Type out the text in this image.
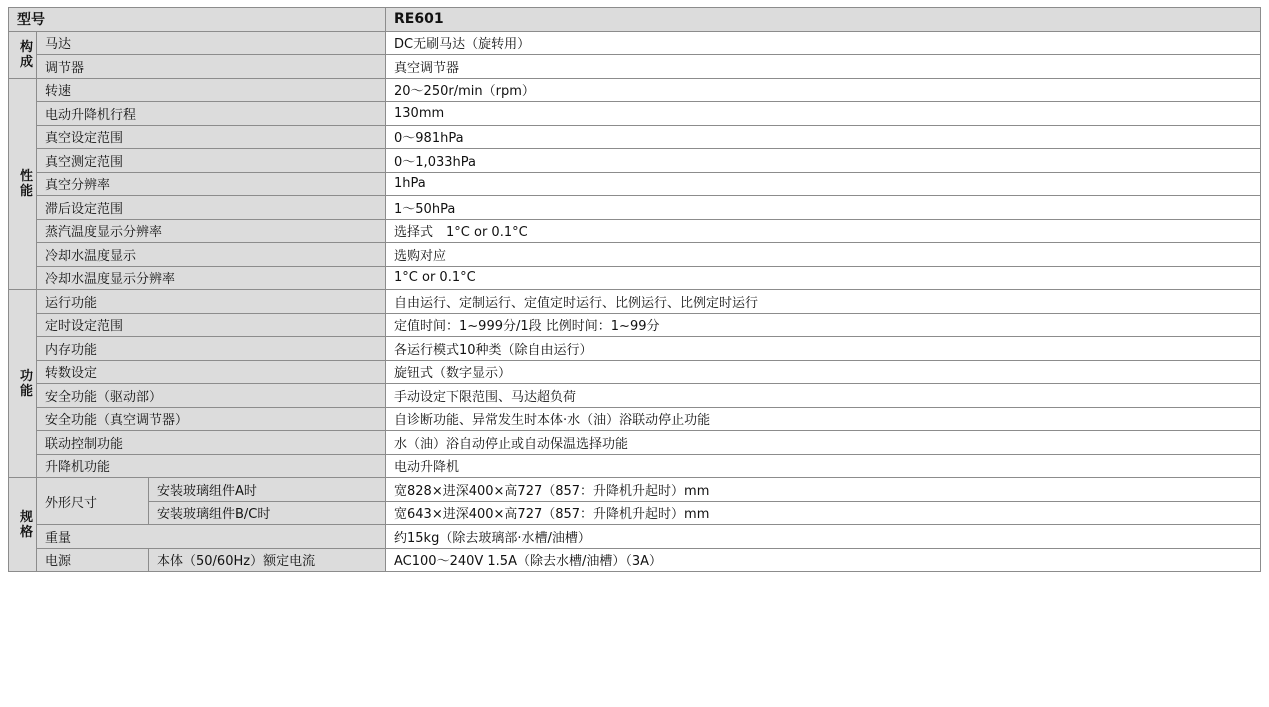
型号			RE601
构成	马达		DC无刷马达（旋转用）
	调节器		真空调节器
性能	转速		20～250r/min（rpm）
	电动升降机行程		130mm
	真空设定范围		0～981hPa
	真空测定范围		0～1,033hPa
	真空分辨率		1hPa
	滞后设定范围		1～50hPa
	蒸汽温度显示分辨率		选择式　1°C or 0.1°C
	冷却水温度显示		选购对应
	冷却水温度显示分辨率		1°C or 0.1°C
功能	运行功能		自由运行、定制运行、定值定时运行、比例运行、比例定时运行
	定时设定范围		定值时间：1~999分/1段 比例时间：1~99分
	内存功能		各运行模式10种类（除自由运行）
	转数设定		旋钮式（数字显示）
	安全功能（驱动部）		手动设定下限范围、马达超负荷
	安全功能（真空调节器）		自诊断功能、异常发生时本体·水（油）浴联动停止功能
	联动控制功能		水（油）浴自动停止或自动保温选择功能
	升降机功能		电动升降机
规格	外形尺寸	安装玻璃组件A时	宽828×进深400×高727（857：升降机升起时）mm
		安装玻璃组件B/C时	宽643×进深400×高727（857：升降机升起时）mm
	重量		约15kg（除去玻璃部·水槽/油槽）
	电源	本体（50/60Hz）额定电流	AC100～240V 1.5A（除去水槽/油槽）（3A）
